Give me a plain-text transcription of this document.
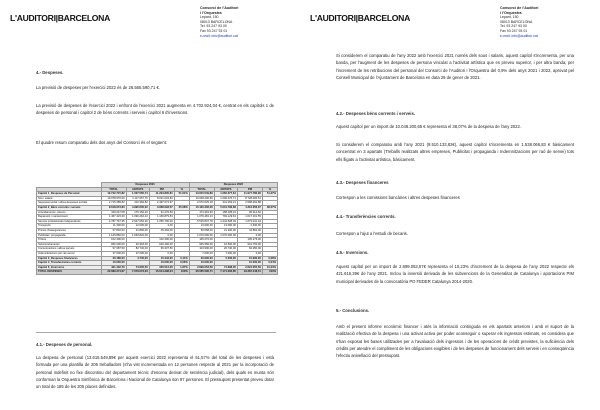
L'AUDITORI|BARCELONA
Consorci de l'Auditori
i l'Orquestra
Lepant, 150
08013 BARCELONA
Tel. 93 247 93 00
Fax 93 247 93 01
e-mail: info@auditori.cat
4.- Despeses.
La previsió de despeses per l'exercici 2022 és de 26.565.590,71 €.
La previsió de despeses de l'exercici 2022 i enfront de l'exercici 2021 augmenta en 4.702.924,04 €, centrat en els capítols 1 de despeses de personal i capítol 2 de béns corrents i serveis i capítol 6 d'inversions.
El quadre resum comparatiu dels dos anys del Consorci és el següent:
	Despeses 2021				Despeses 2022			
	TOTAL	ADITATS	PM	%	TOTAL	ADITATS	PM	%
Capítol 1_Despeses de Personal	12.742.715,82	1.007.565,74	11.294.835,81	51,61%	13.615.549,89	1.060.377,64	11.977.786,99	51,27%
Sou i salaris	10.078.970,00	1.117.667,76	8.021.043,63		10.048.200,66	1.096.476,71	8.728.006,51	
Seguretat social i altres despeses socials	2.715.385,82	410.384,82	2.497.074,97		2.970.025,18	341.052,21	2.598.462,88	
Capítol 2_Béns corrents i serveis	9.618.973,83	4.995.635,02	3.968.093,57	35,68%	10.120.306,06	5.031.796,68	4.316.256,07	38,07%
Arrendaments i cànons	449.247,08	176.152,40	91.476,50		474.391,93	188.185,01	95.212,62	
Reparació i manteniment	1.467.423,30	1.090.262,44	1.166.879,84		1.079.481,13	793.129,64	1.017.101,55	
Serveis professionals independents	4.787.767,35	2.547.052,20	1.056.700,00		5.515.837,78	2.444.528,03	1.673.041,04	
Transports	11.300,00	12.000,00	3,00		13.000,00	13.000,00	2.400,00	
Primes d'assegurances	67.832,00	21.800,00	45.402,00		66.058,00	21.200,00	44.862,00	
Publicitat i propaganda	1.129.882,00	1.063.822,00	0,00		1.070.000,00	1.070.000,00	0,00	
Tributs	102.300,00		102.300,00		105.276,00		105.276,00	
Subministraments	650.200,00	20.318,00	640.400,00		945.350,00	16.500,00	931.750,00	
Comunicacions i altres serveis	97.087,50	82.740,00	66.337,50		104.990,00	20.740,00	84.250,00	
Indemnitzacions per raó servei	37.000,00	37.000,00	0,00		7.000,00	7.000,00	0,00	
Capítol 3_Despeses financeres	20.186,00	4.745,00	15.442,00	0,11%	20.930,00	5.000,00	15.930,00	0,08%
Capítol 4_Transferències corrents	10.000,00		10.000,00	0,06%	10.000,00		10.000,00	0,04%
Capítol 6_Inversions	421.432,76	74.635,50	346.512,26	1,87%	2.699.053,59	74.698,00	2.624.355,59	10,23%
TOTAL DESPESES	22.689.374,67	7.079.073,33	15.614.298,04	100%	26.565.590,71	7.171.000,85	19.387.446,51	100%
4.1.- Despeses de personal.
La despesa de personal (13.615.549,89€ per aquest exercici 2022 representa el 51,57% del total de les despeses i està formada per una plantilla de 205 treballadors (s'ha vist incrementada en 12 persones respecte al 2021 per la incorporació de personal indefinit no fixe discontinu del departament tècnic d'escena derivat de sentència judicial), dels quals es munta són conforman la Orquestra Simfònica de Barcelona i Nacional de Catalunya son 97 persones. El pressupost presentat preveu dotar un total de 185 de les 205 places definides.
L'AUDITORI|BARCELONA
Consorci de l'Auditori
i l'Orquestra
Lepant, 150
08013 BARCELONA
Tel. 93 247 93 00
Fax 93 247 93 01
e-mail: info@auditori.cat
Si considerem el comparatiu de l'any 2022 amb l'exercici 2021 només dels sous i salaris, aquest capítol s'incrementa, per una banda, per l'augment de les despeses de persona vinculat a l'activitat artística que es preveu superior, i per altra banda, per l'increment de les retribucions del personal del Consorci de l'Auditori i l'Orquestra del 0,9% dels anys 2021 i 2022, aprovat pel Consell Municipal de l'Ajuntament de Barcelona en data 29 de gener de 2021.
4.2.- Despeses béns corrents i serveis.
Aquest capítol per un import de 10.048.200,65 € representa el 38,07% de la despesa de l'any 2022.
Si considerem el comparatiu amb l'any 2021 (9.510.133,82€), aquest capítol s'incrementa en 1.538.066,83 € bàsicament concentrat en 3 apartats (Treballs realitzats altres empreses, Publicitat i propaganda i Indemnitzacions per raó de servei) tots ells lligats a l'activitat artística, bàsicament.
4.3.- Despeses financeres
Correspon a les comissions bancàries i altres despeses financeres
4.4.- Transferències corrents.
Correspon a l'ajut a l'estudi de becaris.
4.5.- Inversions.
Aquest capítol per un import de 2.699.053,57€ representa el 10,23% d'increment de la despesa de l'any 2022 respecte els 421.616,39€ de l'any 2021. Inclou la inversió derivada de les subvencions de la Generalitat de Catalunya i aportacions PIM municipal derivades de la convocatòria PO FEDER Catalunya 2014-2020.
5.- Conclusions.
Amb el present informe econòmic financer i atès la informació continguda en els apartats anteriors i amb el suport de la realització efectiva de la despesa i una activat activa per poder aconseguir o superar els ingressos estimats, es considera que s'han exposat les bases utilitzades per a l'avaluació dels ingressos i de les operacions de crèdit previstes, la suficiència dels crèdits per atendre el compliment de les obligacions exigibles i de les despeses de funcionament dels serveis i en conseqüència l'efectiu anivellació del pressupost.
